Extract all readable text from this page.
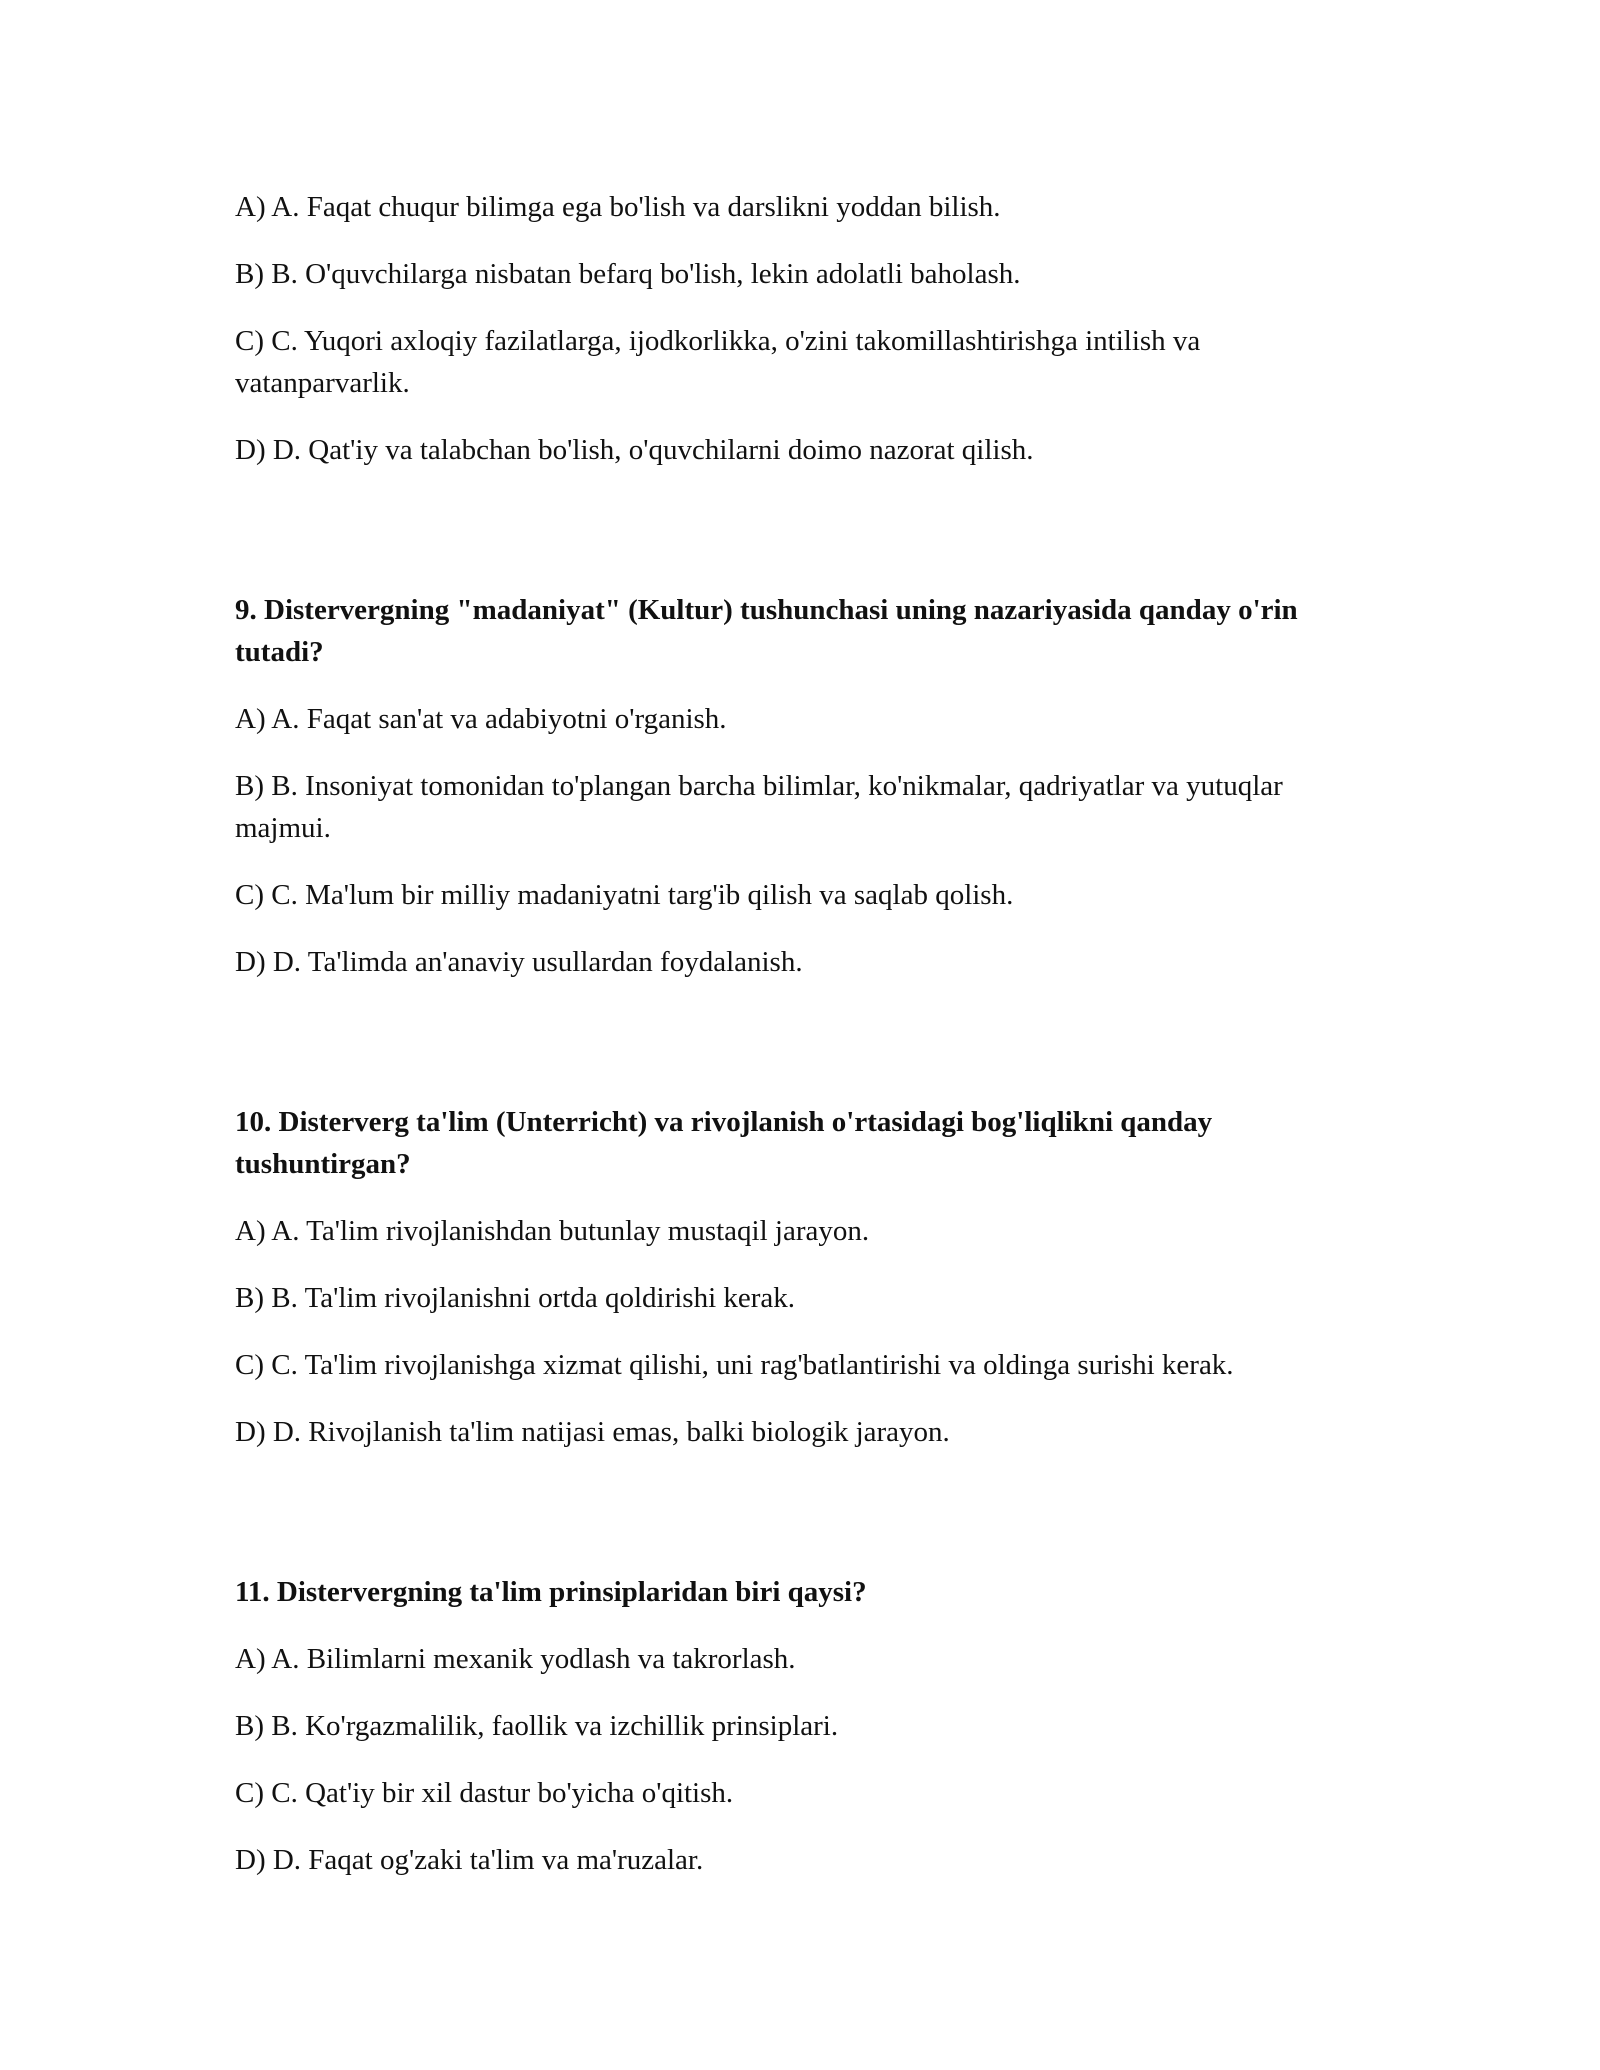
A) A. Faqat chuqur bilimga ega bo'lish va darslikni yoddan bilish.

B) B. O'quvchilarga nisbatan befarq bo'lish, lekin adolatli baholash.

C) C. Yuqori axloqiy fazilatlarga, ijodkorlikka, o'zini takomillashtirishga intilish va vatanparvarlik.

D) D. Qat'iy va talabchan bo'lish, o'quvchilarni doimo nazorat qilish.

9. Distervergning "madaniyat" (Kultur) tushunchasi uning nazariyasida qanday o'rin tutadi?

A) A. Faqat san'at va adabiyotni o'rganish.

B) B. Insoniyat tomonidan to'plangan barcha bilimlar, ko'nikmalar, qadriyatlar va yutuqlar majmui.

C) C. Ma'lum bir milliy madaniyatni targ'ib qilish va saqlab qolish.

D) D. Ta'limda an'anaviy usullardan foydalanish.

10. Disterverg ta'lim (Unterricht) va rivojlanish o'rtasidagi bog'liqlikni qanday tushuntirgan?

A) A. Ta'lim rivojlanishdan butunlay mustaqil jarayon.

B) B. Ta'lim rivojlanishni ortda qoldirishi kerak.

C) C. Ta'lim rivojlanishga xizmat qilishi, uni rag'batlantirishi va oldinga surishi kerak.

D) D. Rivojlanish ta'lim natijasi emas, balki biologik jarayon.

11. Distervergning ta'lim prinsiplaridan biri qaysi?

A) A. Bilimlarni mexanik yodlash va takrorlash.

B) B. Ko'rgazmalilik, faollik va izchillik prinsiplari.

C) C. Qat'iy bir xil dastur bo'yicha o'qitish.

D) D. Faqat og'zaki ta'lim va ma'ruzalar.
